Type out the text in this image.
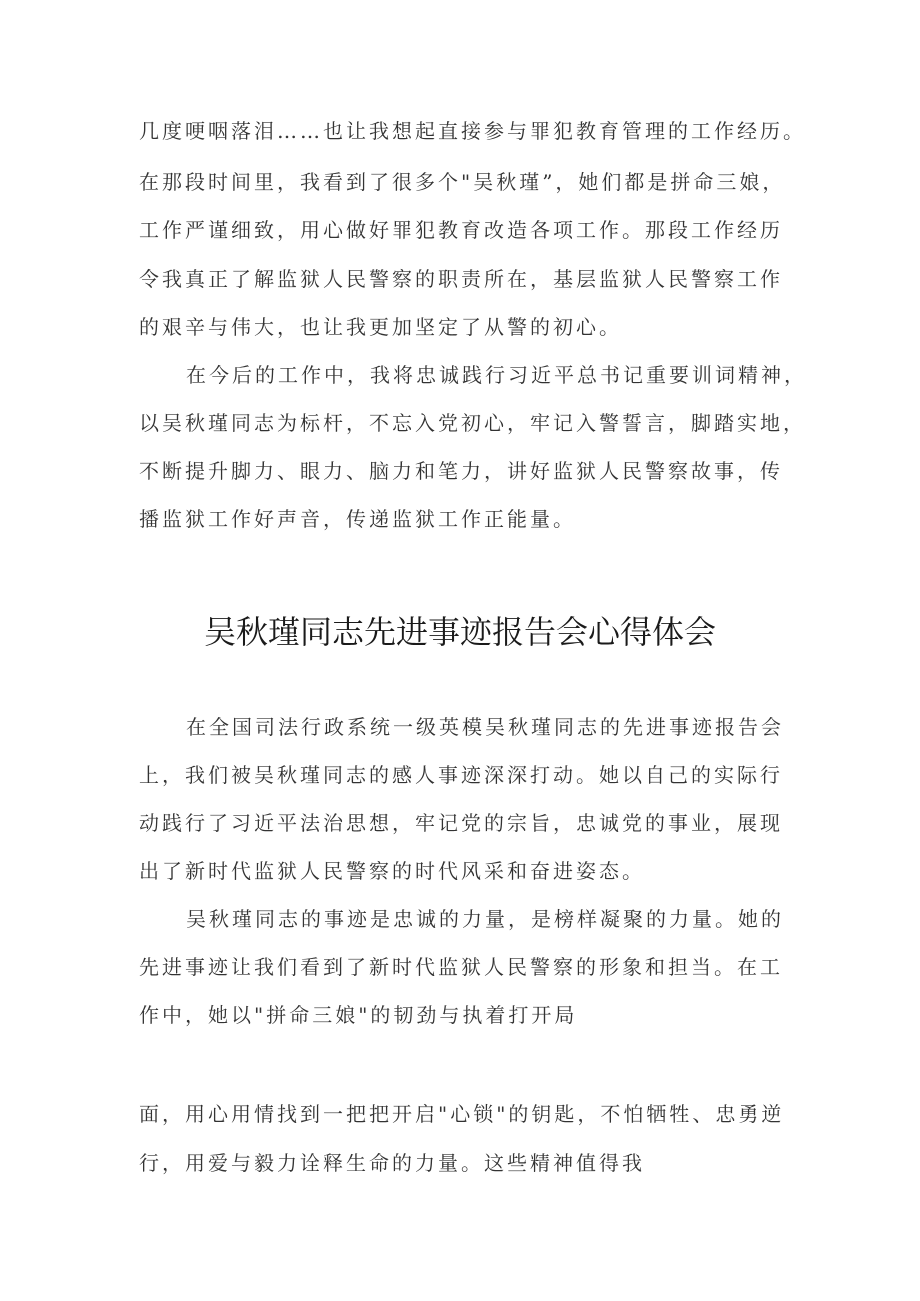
几度哽咽落泪……也让我想起直接参与罪犯教育管理的工作经历。
在那段时间里，我看到了很多个"吴秋瑾”，她们都是拼命三娘，
工作严谨细致，用心做好罪犯教育改造各项工作。那段工作经历
令我真正了解监狱人民警察的职责所在，基层监狱人民警察工作
的艰辛与伟大，也让我更加坚定了从警的初心。
在今后的工作中，我将忠诚践行习近平总书记重要训词精神，
以吴秋瑾同志为标杆，不忘入党初心，牢记入警誓言，脚踏实地，
不断提升脚力、眼力、脑力和笔力，讲好监狱人民警察故事，传
播监狱工作好声音，传递监狱工作正能量。
吴秋瑾同志先进事迹报告会心得体会
在全国司法行政系统一级英模吴秋瑾同志的先进事迹报告会
上，我们被吴秋瑾同志的感人事迹深深打动。她以自己的实际行
动践行了习近平法治思想，牢记党的宗旨，忠诚党的事业，展现
出了新时代监狱人民警察的时代风采和奋进姿态。
吴秋瑾同志的事迹是忠诚的力量，是榜样凝聚的力量。她的
先进事迹让我们看到了新时代监狱人民警察的形象和担当。在工
作中，她以"拼命三娘"的韧劲与执着打开局
面，用心用情找到一把把开启"心锁"的钥匙，不怕牺牲、忠勇逆
行，用爱与毅力诠释生命的力量。这些精神值得我
